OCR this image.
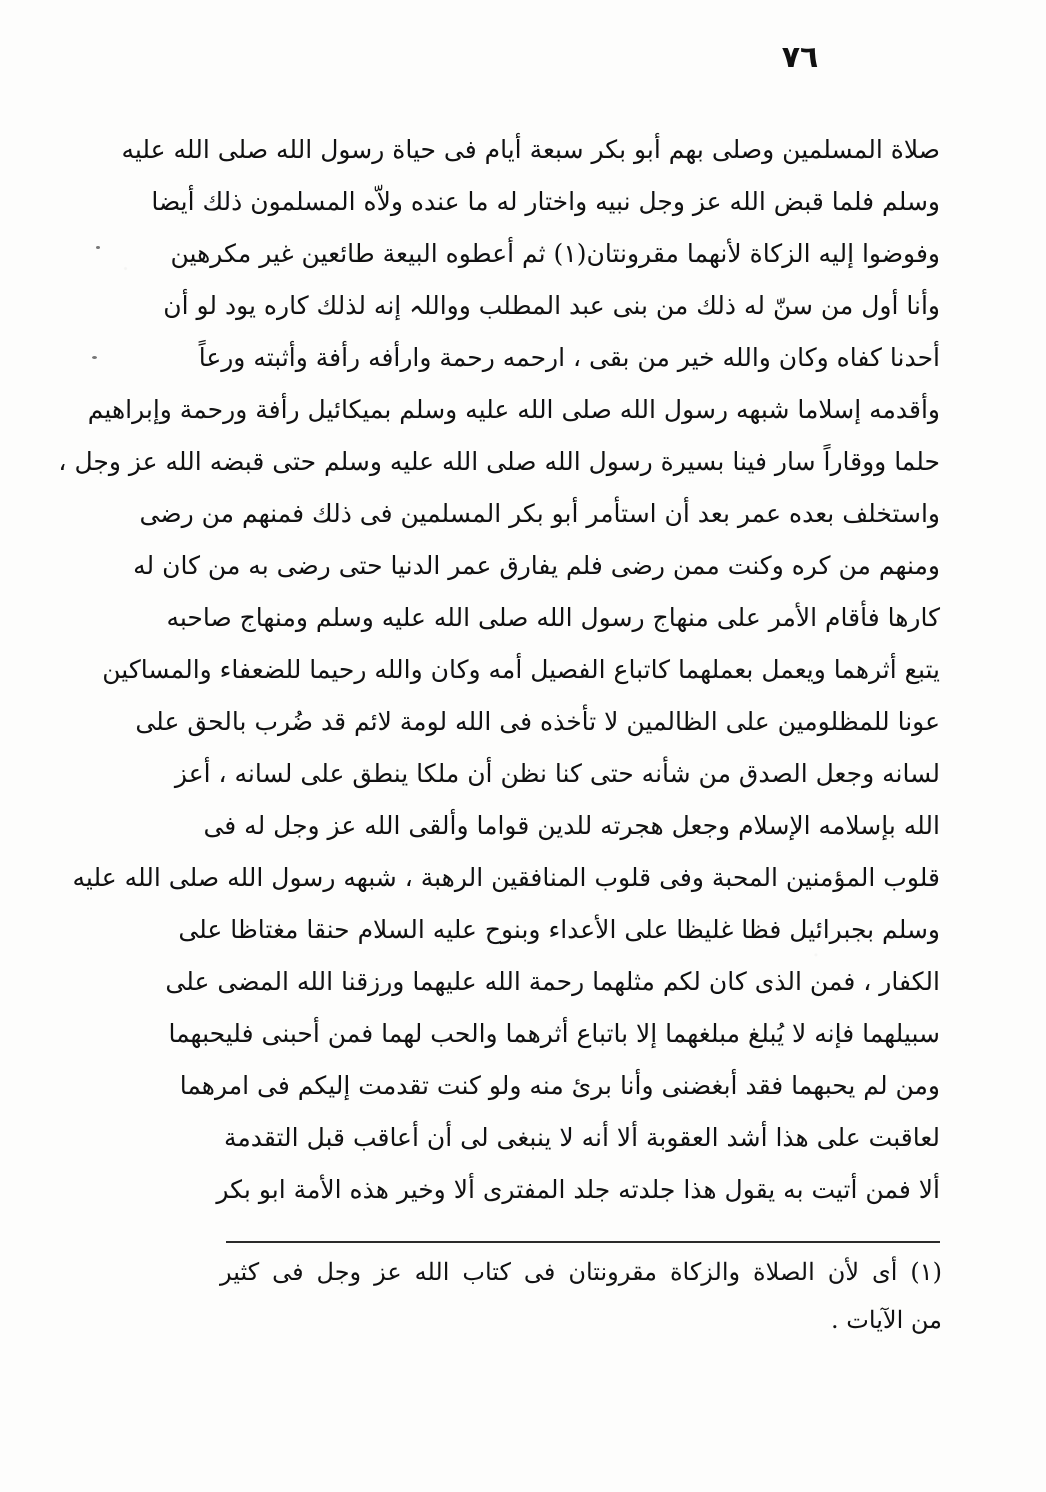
٧٦
صلاة المسلمين وصلى بهم أبو بكر سبعة أيام فى حياة رسول الله صلى الله عليه
وسلم فلما قبض الله عز وجل نبيه واختار له ما عنده ولاّه المسلمون ذلك أيضا
وفوضوا إليه الزكاة لأنهما مقرونتان(١) ثم أعطوه البيعة طائعين غير مكرهين
وأنا أول من سنّ له ذلك من بنى عبد المطلب وواللہ إنه لذلك كاره يود لو أن
أحدنا كفاه وكان والله خير من بقى ، ارحمه رحمة وارأفه رأفة وأثبته ورعاً
وأقدمه إسلاما شبهه رسول الله صلى الله عليه وسلم بميكائيل رأفة ورحمة وإبراهيم
حلما ووقاراً سار فينا بسيرة رسول الله صلى الله عليه وسلم حتى قبضه الله عز وجل ،
واستخلف بعده عمر بعد أن استأمر أبو بكر المسلمين فى ذلك فمنهم من رضى
ومنهم من كره وكنت ممن رضى فلم يفارق عمر الدنيا حتى رضى به من كان له
كارها فأقام الأمر على منهاج رسول الله صلى الله عليه وسلم ومنهاج صاحبه
يتبع أثرهما ويعمل بعملهما كاتباع الفصيل أمه وكان والله رحيما للضعفاء والمساكين
عونا للمظلومين على الظالمين لا تأخذه فى الله لومة لائم قد ضُرب بالحق على
لسانه وجعل الصدق من شأنه حتى كنا نظن أن ملكا ينطق على لسانه ، أعز
الله بإسلامه الإسلام وجعل هجرته للدين قواما وألقى الله عز وجل له فى
قلوب المؤمنين المحبة وفى قلوب المنافقين الرهبة ، شبهه رسول الله صلى الله عليه
وسلم بجبرائيل فظا غليظا على الأعداء وبنوح عليه السلام حنقا مغتاظا على
الكفار ، فمن الذى كان لكم مثلهما رحمة الله عليهما ورزقنا الله المضى على
سبيلهما فإنه لا يُبلغ مبلغهما إلا باتباع أثرهما والحب لهما فمن أحبنى فليحبهما
ومن لم يحبهما فقد أبغضنى وأنا برئ منه ولو كنت تقدمت إليكم فى امرهما
لعاقبت على هذا أشد العقوبة ألا أنه لا ينبغى لى أن أعاقب قبل التقدمة
ألا فمن أتيت به يقول هذا جلدته جلد المفترى ألا وخير هذه الأمة ابو بكر
(١) أى لأن الصلاة والزكاة مقرونتان فى كتاب الله عز وجل فى كثير
من الآيات .
